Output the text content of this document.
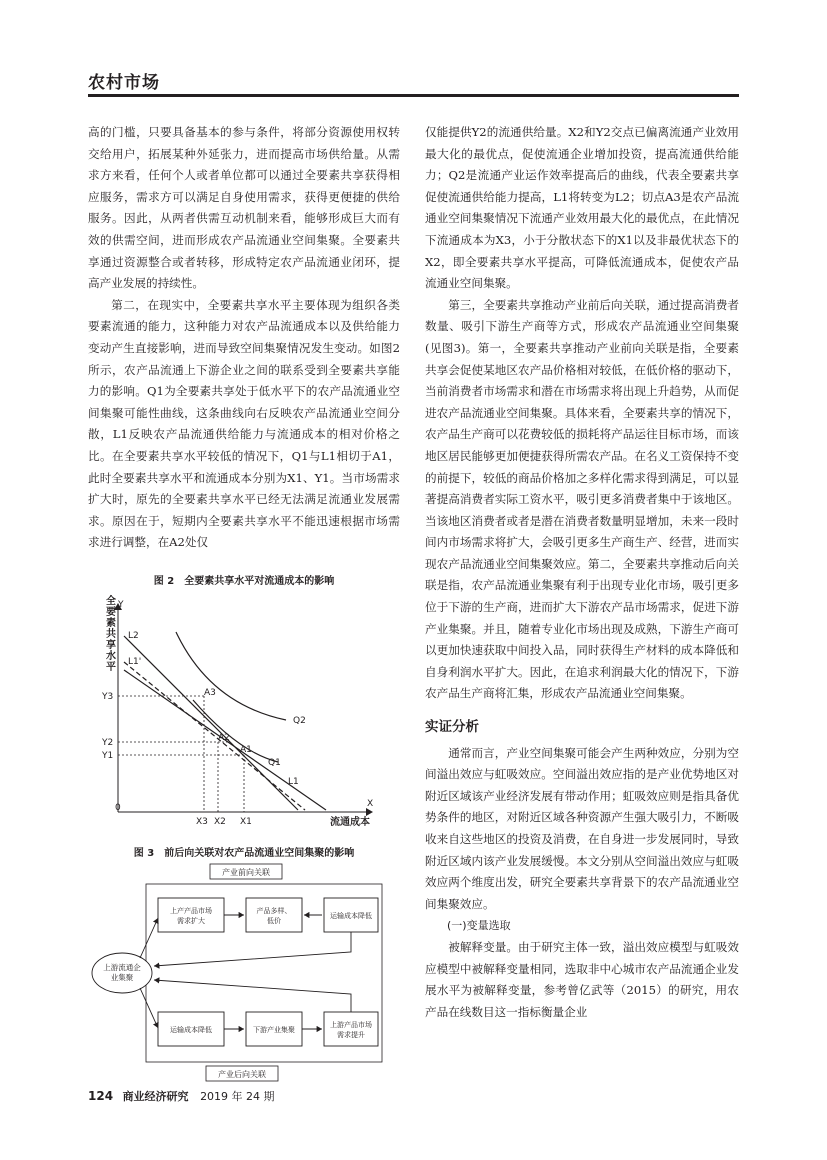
农村市场

高的门槛，只要具备基本的参与条件，将部分资源使用权转交给用户，拓展某种外延张力，进而提高市场供给量。从需求方来看，任何个人或者单位都可以通过全要素共享获得相应服务，需求方可以满足自身使用需求，获得更便捷的供给服务。因此，从两者供需互动机制来看，能够形成巨大而有效的供需空间，进而形成农产品流通业空间集聚。全要素共享通过资源整合或者转移，形成特定农产品流通业闭环，提高产业发展的持续性。

第二，在现实中，全要素共享水平主要体现为组织各类要素流通的能力，这种能力对农产品流通成本以及供给能力变动产生直接影响，进而导致空间集聚情况发生变动。如图2所示，农产品流通上下游企业之间的联系受到全要素共享能力的影响。Q1为全要素共享处于低水平下的农产品流通业空间集聚可能性曲线，这条曲线向右反映农产品流通业空间分散，L1反映农产品流通供给能力与流通成本的相对价格之比。在全要素共享水平较低的情况下，Q1与L1相切于A1，此时全要素共享水平和流通成本分别为X1、Y1。当市场需求扩大时，原先的全要素共享水平已经无法满足流通业发展需求。原因在于，短期内全要素共享水平不能迅速根据市场需求进行调整，在A2处仅

图 2　全要素共享水平对流通成本的影响
Y
X
0
流通成本
全要素共享水平
Y3
Y2
Y1
X3 X2 X1
L2
L1'
L1
Q1
Q2
A3
A2
A1
图 3　前后向关联对农产品流通业空间集聚的影响
产业前向关联
产业后向关联
上游流通企
业集聚
上产产品市场
需求扩大
产品多样、
低价
运输成本降低
运输成本降低	下游产业集聚
上游产品市场
需求提升

仅能提供Y2的流通供给量。X2和Y2交点已偏离流通产业效用最大化的最优点，促使流通企业增加投资，提高流通供给能力；Q2是流通产业运作效率提高后的曲线，代表全要素共享促使流通供给能力提高，L1将转变为L2；切点A3是农产品流通业空间集聚情况下流通产业效用最大化的最优点，在此情况下流通成本为X3，小于分散状态下的X1以及非最优状态下的X2，即全要素共享水平提高，可降低流通成本，促使农产品流通业空间集聚。

第三，全要素共享推动产业前后向关联，通过提高消费者数量、吸引下游生产商等方式，形成农产品流通业空间集聚(见图3)。第一，全要素共享推动产业前向关联是指，全要素共享会促使某地区农产品价格相对较低，在低价格的驱动下，当前消费者市场需求和潜在市场需求将出现上升趋势，从而促进农产品流通业空间集聚。具体来看，全要素共享的情况下，农产品生产商可以花费较低的损耗将产品运往目标市场，而该地区居民能够更加便捷获得所需农产品。在名义工资保持不变的前提下，较低的商品价格加之多样化需求得到满足，可以显著提高消费者实际工资水平，吸引更多消费者集中于该地区。当该地区消费者或者是潜在消费者数量明显增加，未来一段时间内市场需求将扩大，会吸引更多生产商生产、经营，进而实现农产品流通业空间集聚效应。第二，全要素共享推动后向关联是指，农产品流通业集聚有利于出现专业化市场，吸引更多位于下游的生产商，进而扩大下游农产品市场需求，促进下游产业集聚。并且，随着专业化市场出现及成熟，下游生产商可以更加快速获取中间投入品，同时获得生产材料的成本降低和自身利润水平扩大。因此，在追求利润最大化的情况下，下游农产品生产商将汇集，形成农产品流通业空间集聚。

实证分析

通常而言，产业空间集聚可能会产生两种效应，分别为空间溢出效应与虹吸效应。空间溢出效应指的是产业优势地区对附近区域该产业经济发展有带动作用；虹吸效应则是指具备优势条件的地区，对附近区域各种资源产生强大吸引力，不断吸收来自这些地区的投资及消费，在自身进一步发展同时，导致附近区域内该产业发展缓慢。本文分别从空间溢出效应与虹吸效应两个维度出发，研究全要素共享背景下的农产品流通业空间集聚效应。

(一)变量选取

被解释变量。由于研究主体一致，溢出效应模型与虹吸效应模型中被解释变量相同，选取非中心城市农产品流通企业发展水平为被解释变量，参考曾亿武等（2015）的研究，用农产品在线数目这一指标衡量企业

124 商业经济研究 2019 年 24 期
